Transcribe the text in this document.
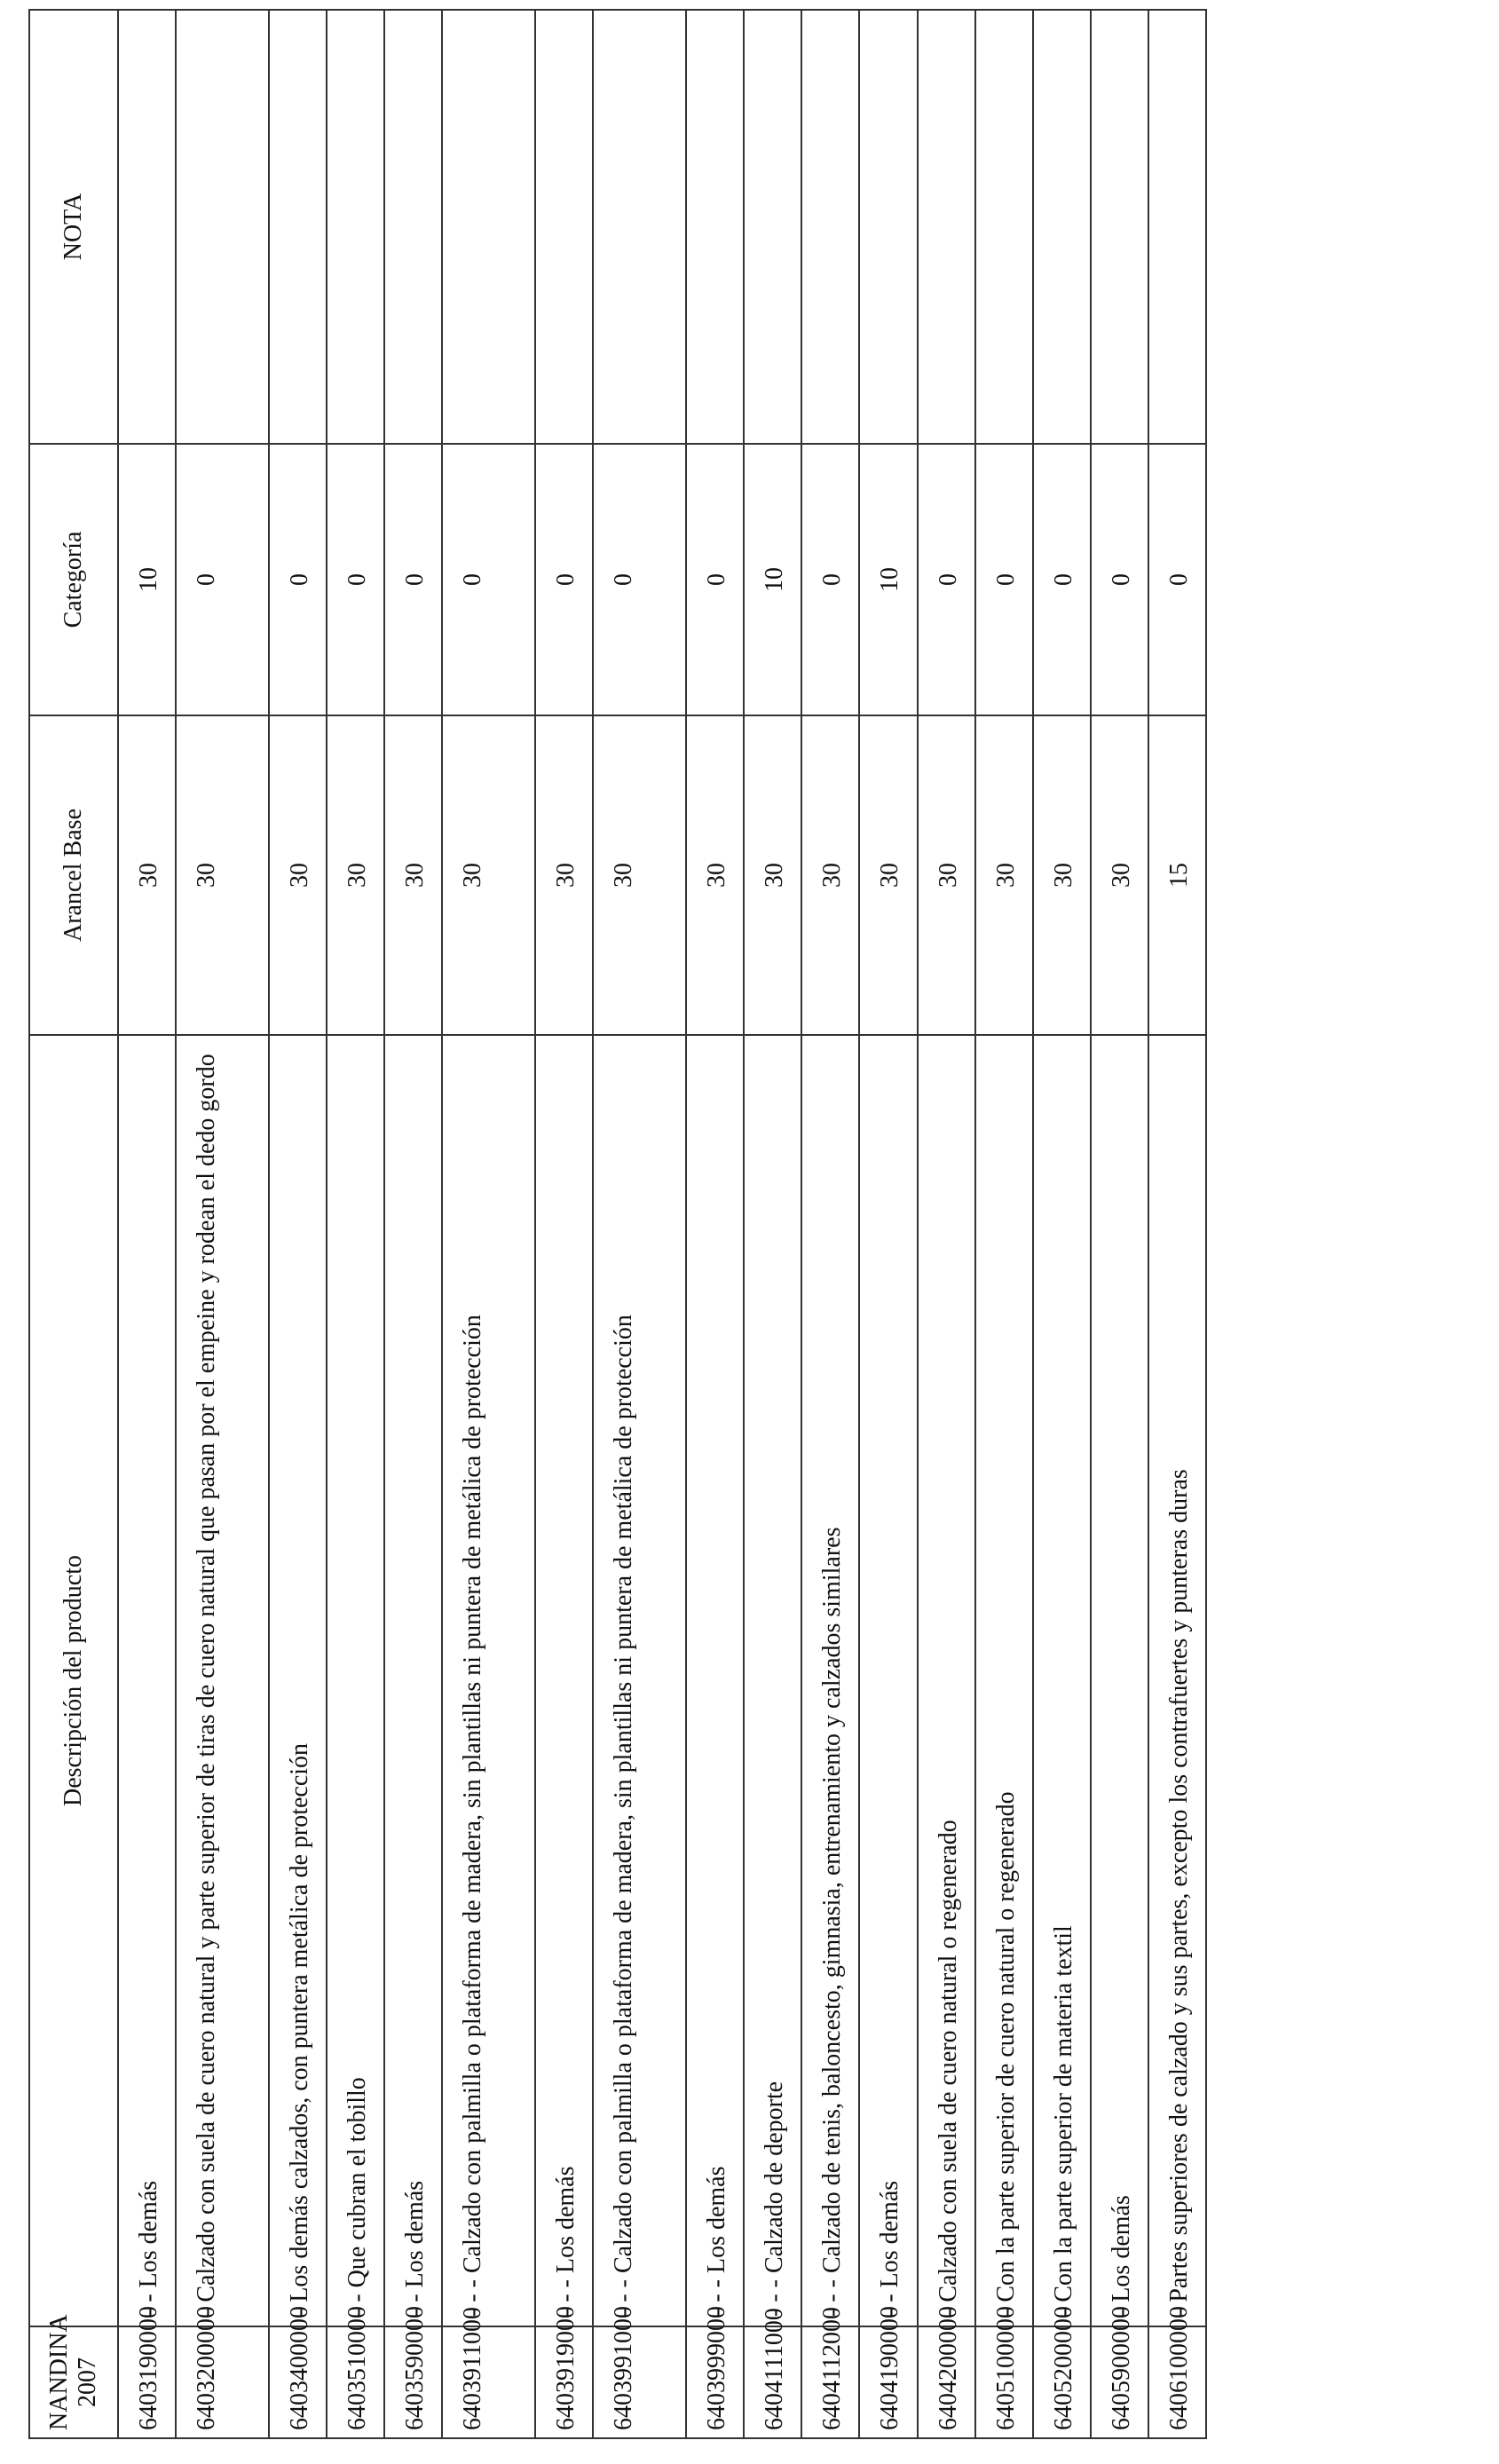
NANDINA 2007	Descripción del producto	Arancel Base	Categoría	NOTA
6403190000	- - Los demás	30	10	
6403200000	- Calzado con suela de cuero natural y parte superior de tiras de cuero natural que pasan por el empeine y rodean el dedo gordo	30	0	
6403400000	- Los demás calzados, con puntera metálica de protección	30	0	
6403510000	- - Que cubran el tobillo	30	0	
6403590000	- - Los demás	30	0	
6403911000	- - - Calzado con palmilla o plataforma de madera, sin plantillas ni puntera de metálica de protección	30	0	
6403919000	- - - Los demás	30	0	
6403991000	- - - Calzado con palmilla o plataforma de madera, sin plantillas ni puntera de metálica de protección	30	0	
6403999000	- - - Los demás	30	0	
6404111000	- - - Calzado de deporte	30	10	
6404112000	- - - Calzado de tenis, baloncesto, gimnasia, entrenamiento y calzados similares	30	0	
6404190000	- - Los demás	30	10	
6404200000	- Calzado con suela de cuero natural o regenerado	30	0	
6405100000	- Con la parte superior de cuero natural o regenerado	30	0	
6405200000	- Con la parte superior de materia textil	30	0	
6405900000	- Los demás	30	0	
6406100000	- Partes superiores de calzado y sus partes, excepto los contrafuertes y punteras duras	15	0	
